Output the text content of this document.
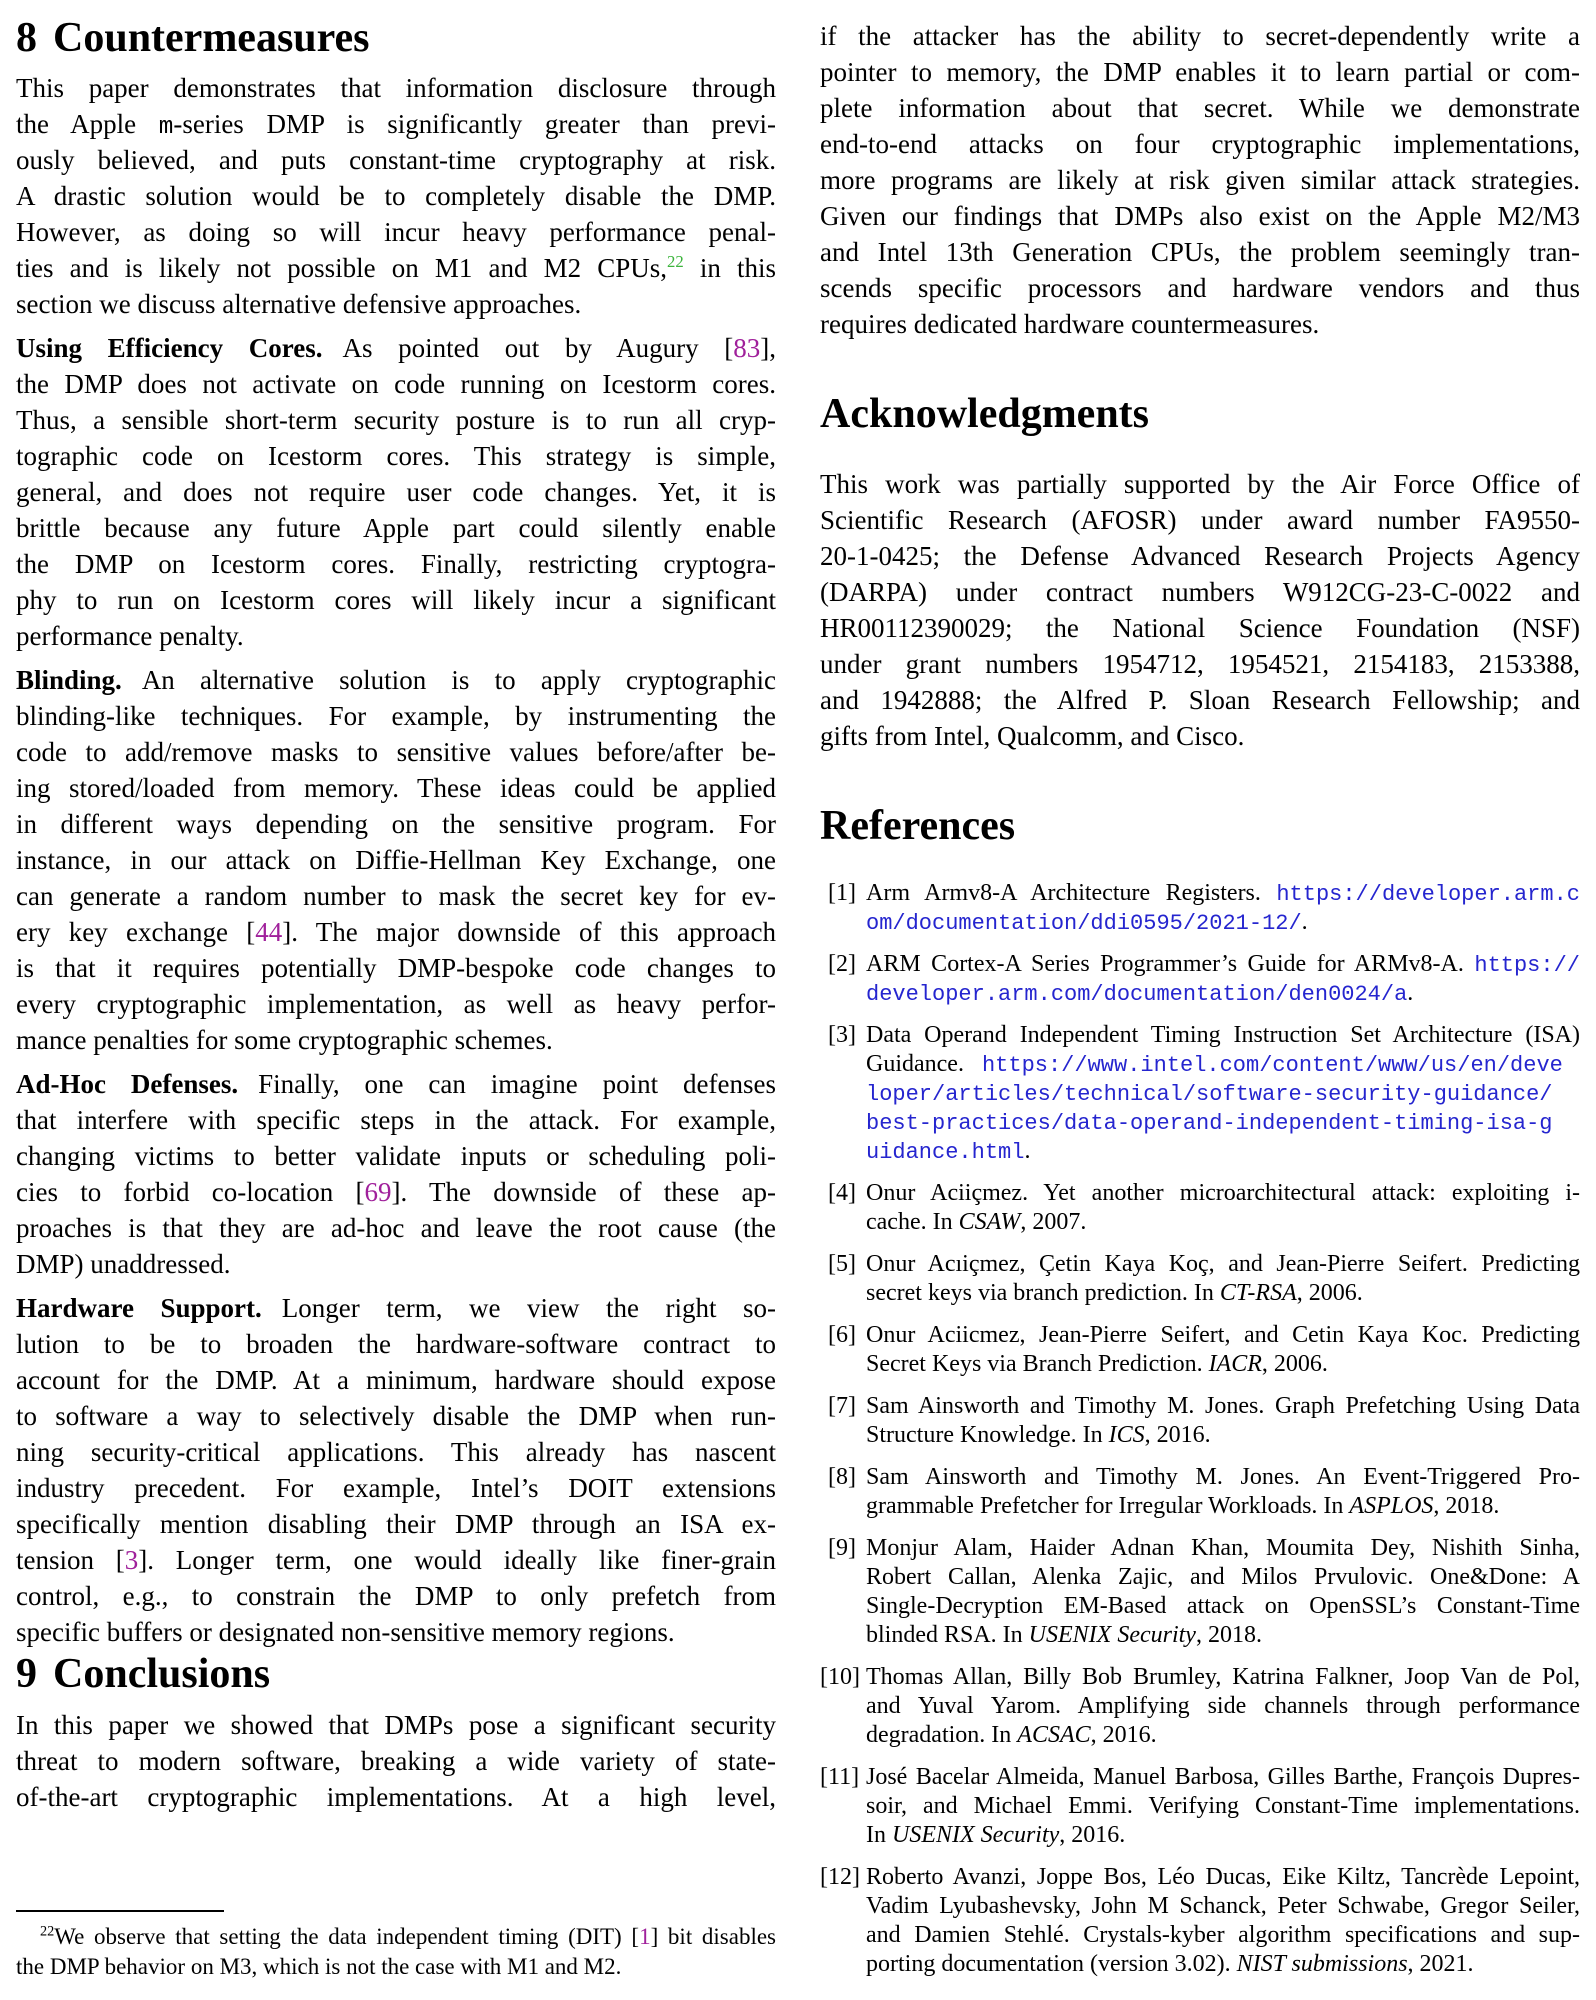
8 Countermeasures
This paper demonstrates that information disclosure through
the Apple m-series DMP is significantly greater than previ-
ously believed, and puts constant-time cryptography at risk.
A drastic solution would be to completely disable the DMP.
However, as doing so will incur heavy performance penal-
ties and is likely not possible on M1 and M2 CPUs,$^{22}$ in this
section we discuss alternative defensive approaches.
Using Efficiency Cores. As pointed out by Augury [83],
the DMP does not activate on code running on Icestorm cores.
Thus, a sensible short-term security posture is to run all cryp-
tographic code on Icestorm cores. This strategy is simple,
general, and does not require user code changes. Yet, it is
brittle because any future Apple part could silently enable
the DMP on Icestorm cores. Finally, restricting cryptogra-
phy to run on Icestorm cores will likely incur a significant
performance penalty.
Blinding. An alternative solution is to apply cryptographic
blinding-like techniques. For example, by instrumenting the
code to add/remove masks to sensitive values before/after be-
ing stored/loaded from memory. These ideas could be applied
in different ways depending on the sensitive program. For
instance, in our attack on Diffie-Hellman Key Exchange, one
can generate a random number to mask the secret key for ev-
ery key exchange [44]. The major downside of this approach
is that it requires potentially DMP-bespoke code changes to
every cryptographic implementation, as well as heavy perfor-
mance penalties for some cryptographic schemes.
Ad-Hoc Defenses. Finally, one can imagine point defenses
that interfere with specific steps in the attack. For example,
changing victims to better validate inputs or scheduling poli-
cies to forbid co-location [69]. The downside of these ap-
proaches is that they are ad-hoc and leave the root cause (the
DMP) unaddressed.
Hardware Support. Longer term, we view the right so-
lution to be to broaden the hardware-software contract to
account for the DMP. At a minimum, hardware should expose
to software a way to selectively disable the DMP when run-
ning security-critical applications. This already has nascent
industry precedent. For example, Intel’s DOIT extensions
specifically mention disabling their DMP through an ISA ex-
tension [3]. Longer term, one would ideally like finer-grain
control, e.g., to constrain the DMP to only prefetch from
specific buffers or designated non-sensitive memory regions.
9 Conclusions
In this paper we showed that DMPs pose a significant security
threat to modern software, breaking a wide variety of state-
of-the-art cryptographic implementations. At a high level,
$^{22}$We observe that setting the data independent timing (DIT) [1] bit disables
the DMP behavior on M3, which is not the case with M1 and M2.
if the attacker has the ability to secret-dependently write a
pointer to memory, the DMP enables it to learn partial or com-
plete information about that secret. While we demonstrate
end-to-end attacks on four cryptographic implementations,
more programs are likely at risk given similar attack strategies.
Given our findings that DMPs also exist on the Apple M2/M3
and Intel 13th Generation CPUs, the problem seemingly tran-
scends specific processors and hardware vendors and thus
requires dedicated hardware countermeasures.
Acknowledgments
This work was partially supported by the Air Force Office of
Scientific Research (AFOSR) under award number FA9550-
20-1-0425; the Defense Advanced Research Projects Agency
(DARPA) under contract numbers W912CG-23-C-0022 and
HR00112390029; the National Science Foundation (NSF)
under grant numbers 1954712, 1954521, 2154183, 2153388,
and 1942888; the Alfred P. Sloan Research Fellowship; and
gifts from Intel, Qualcomm, and Cisco.
References
[1] Arm Armv8-A Architecture Registers. https://developer.arm.c
om/documentation/ddi0595/2021-12/.
[2] ARM Cortex-A Series Programmer’s Guide for ARMv8-A. https://
developer.arm.com/documentation/den0024/a.
[3] Data Operand Independent Timing Instruction Set Architecture (ISA)
Guidance. https://www.intel.com/content/www/us/en/deve
loper/articles/technical/software-security-guidance/
best-practices/data-operand-independent-timing-isa-g
uidance.html.
[4] Onur Aciiçmez. Yet another microarchitectural attack: exploiting i-
cache. In CSAW, 2007.
[5] Onur Acıiçmez, Çetin Kaya Koç, and Jean-Pierre Seifert. Predicting
secret keys via branch prediction. In CT-RSA, 2006.
[6] Onur Aciicmez, Jean-Pierre Seifert, and Cetin Kaya Koc. Predicting
Secret Keys via Branch Prediction. IACR, 2006.
[7] Sam Ainsworth and Timothy M. Jones. Graph Prefetching Using Data
Structure Knowledge. In ICS, 2016.
[8] Sam Ainsworth and Timothy M. Jones. An Event-Triggered Pro-
grammable Prefetcher for Irregular Workloads. In ASPLOS, 2018.
[9] Monjur Alam, Haider Adnan Khan, Moumita Dey, Nishith Sinha,
Robert Callan, Alenka Zajic, and Milos Prvulovic. One&Done: A
Single-Decryption EM-Based attack on OpenSSL’s Constant-Time
blinded RSA. In USENIX Security, 2018.
[10] Thomas Allan, Billy Bob Brumley, Katrina Falkner, Joop Van de Pol,
and Yuval Yarom. Amplifying side channels through performance
degradation. In ACSAC, 2016.
[11] José Bacelar Almeida, Manuel Barbosa, Gilles Barthe, François Dupres-
soir, and Michael Emmi. Verifying Constant-Time implementations.
In USENIX Security, 2016.
[12] Roberto Avanzi, Joppe Bos, Léo Ducas, Eike Kiltz, Tancrède Lepoint,
Vadim Lyubashevsky, John M Schanck, Peter Schwabe, Gregor Seiler,
and Damien Stehlé. Crystals-kyber algorithm specifications and sup-
porting documentation (version 3.02). NIST submissions, 2021.
